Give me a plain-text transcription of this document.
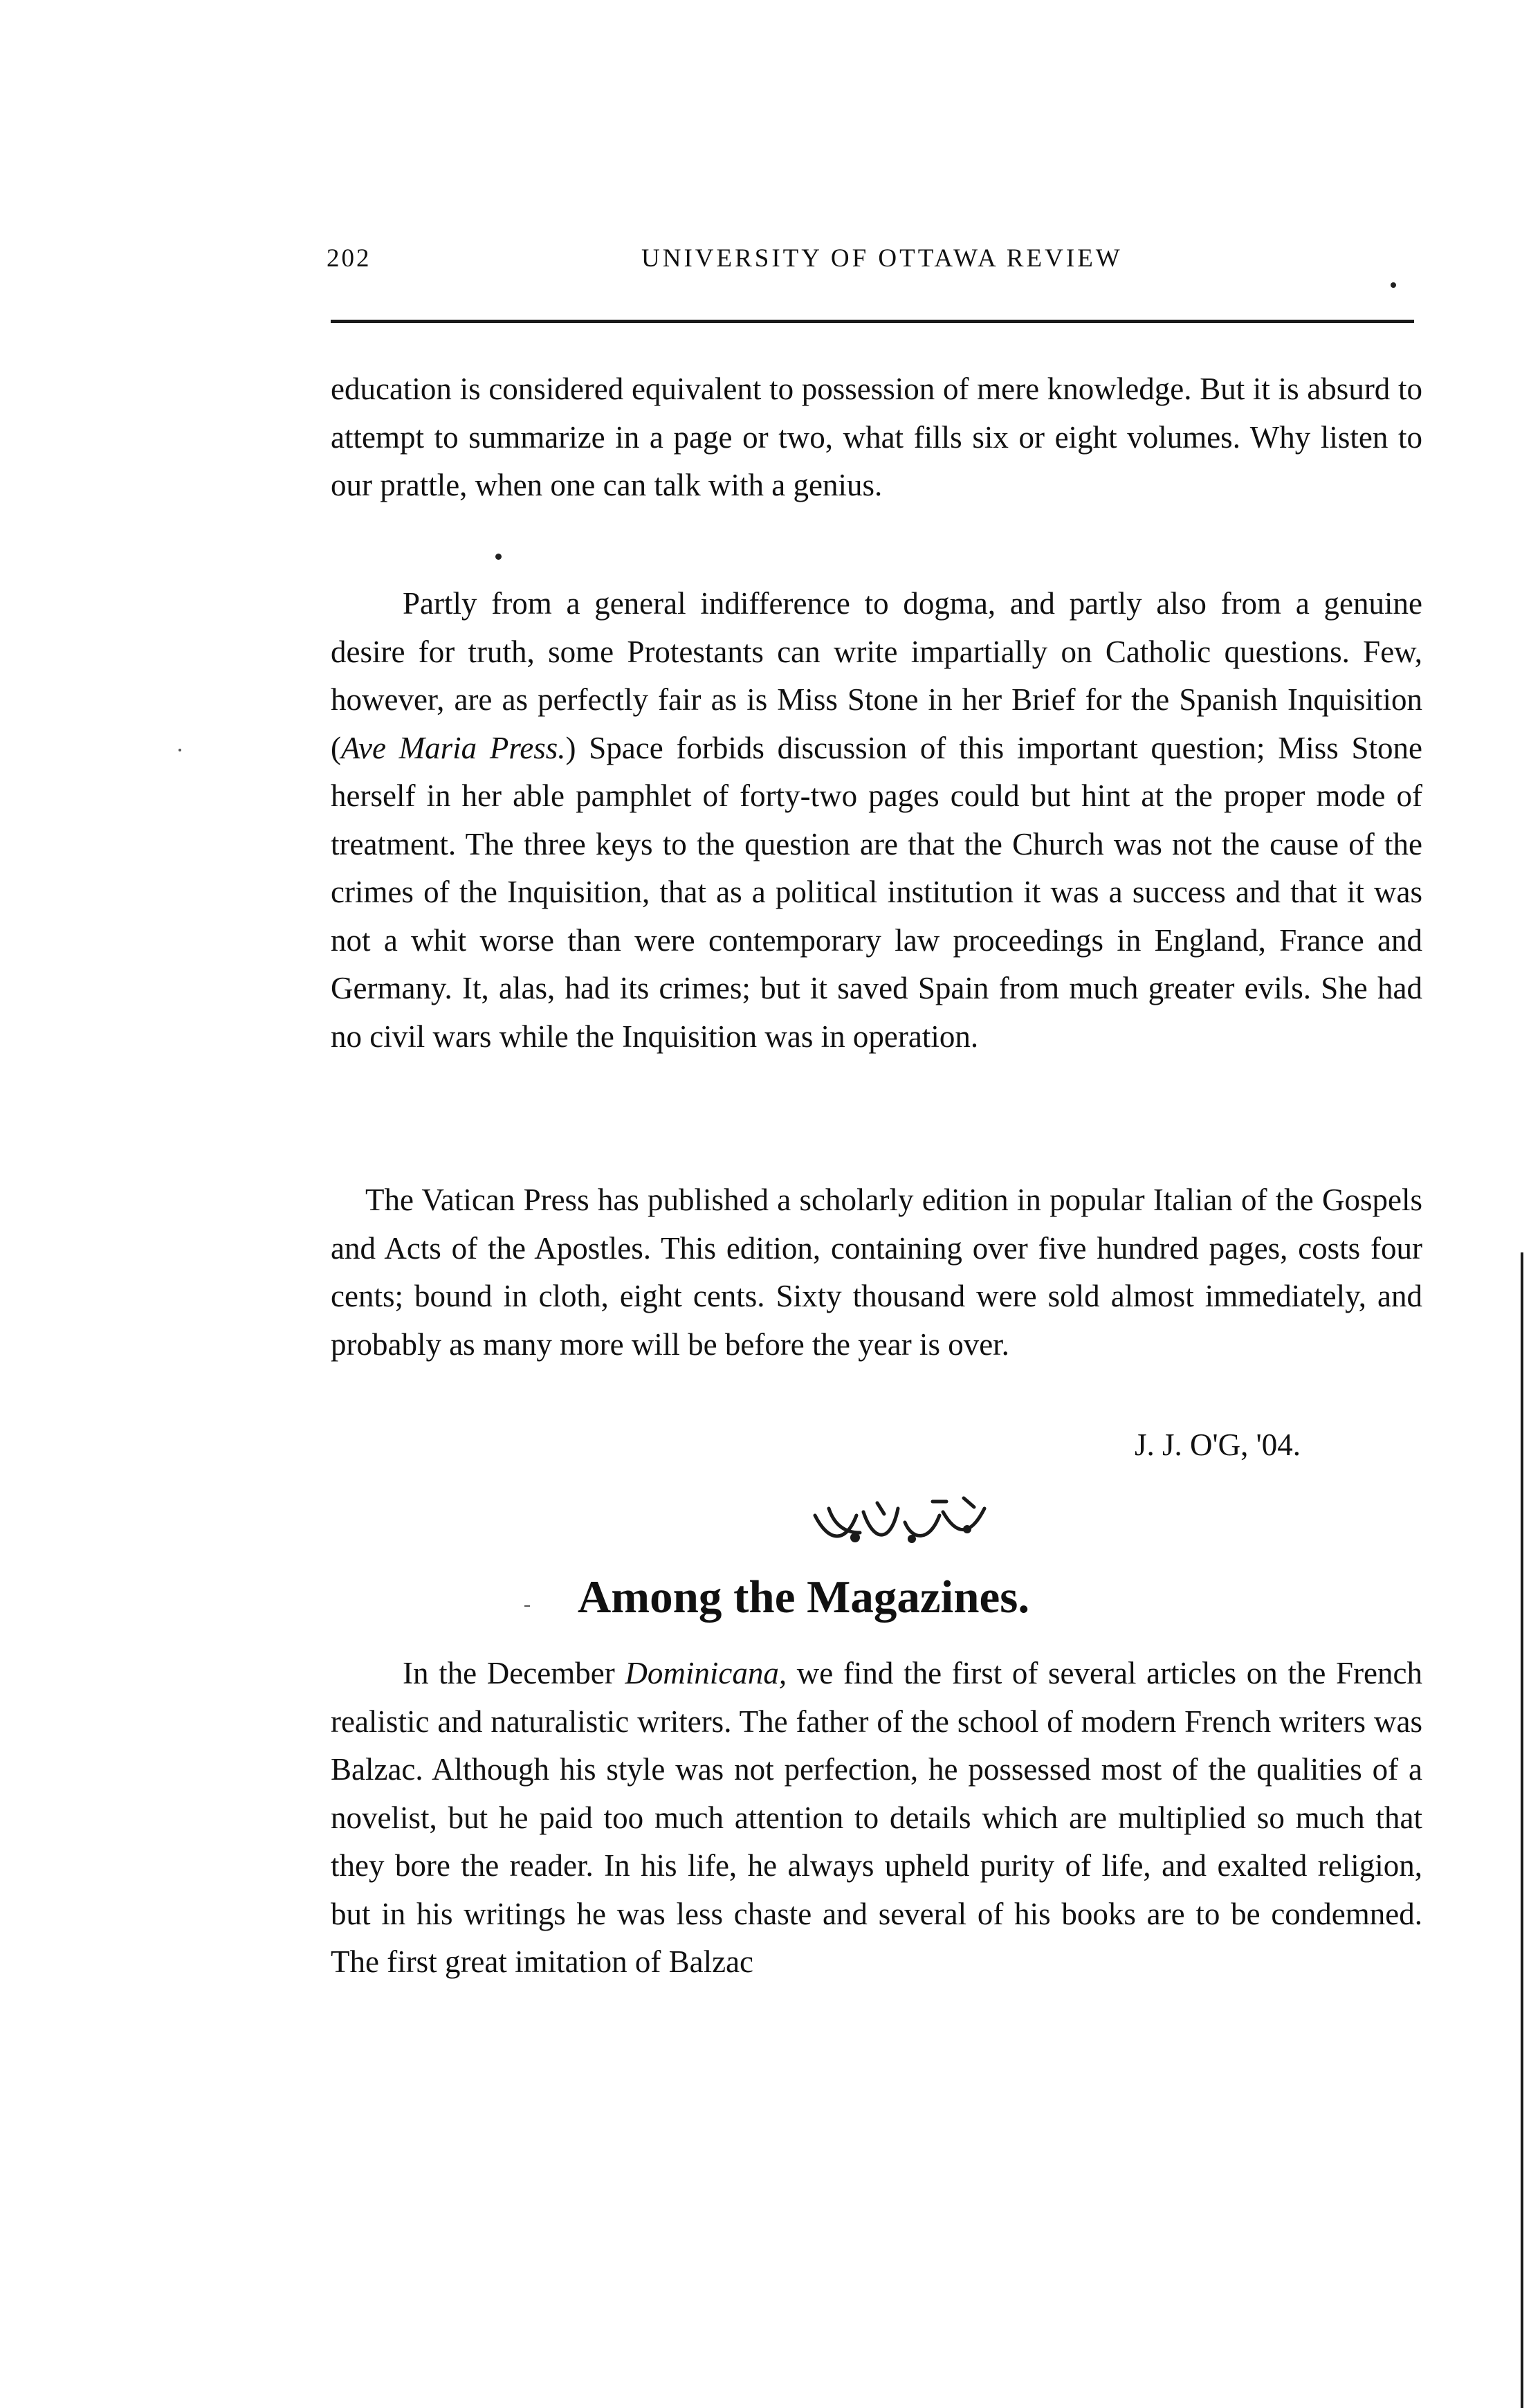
202	UNIVERSITY OF OTTAWA REVIEW

education is considered equivalent to possession of mere knowledge. But it is absurd to attempt to summarize in a page or two, what fills six or eight volumes. Why listen to our prattle, when one can talk with a genius.

Partly from a general indifference to dogma, and partly also from a genuine desire for truth, some Protestants can write impartially on Catholic questions. Few, however, are as perfectly fair as is Miss Stone in her Brief for the Spanish Inquisition (Ave Maria Press.) Space forbids discussion of this important question; Miss Stone herself in her able pamphlet of forty-two pages could but hint at the proper mode of treatment. The three keys to the question are that the Church was not the cause of the crimes of the Inquisition, that as a political institution it was a success and that it was not a whit worse than were contemporary law proceedings in England, France and Germany. It, alas, had its crimes; but it saved Spain from much greater evils. She had no civil wars while the Inquisition was in operation.

The Vatican Press has published a scholarly edition in popular Italian of the Gospels and Acts of the Apostles. This edition, containing over five hundred pages, costs four cents; bound in cloth, eight cents. Sixty thousand were sold almost immediately, and probably as many more will be before the year is over.

J. J. O'G, '04.

Among the Magazines.

In the December Dominicana, we find the first of several articles on the French realistic and naturalistic writers. The father of the school of modern French writers was Balzac. Although his style was not perfection, he possessed most of the qualities of a novelist, but he paid too much attention to details which are multiplied so much that they bore the reader. In his life, he always upheld purity of life, and exalted religion, but in his writings he was less chaste and several of his books are to be condemned. The first great imitation of Balzac
